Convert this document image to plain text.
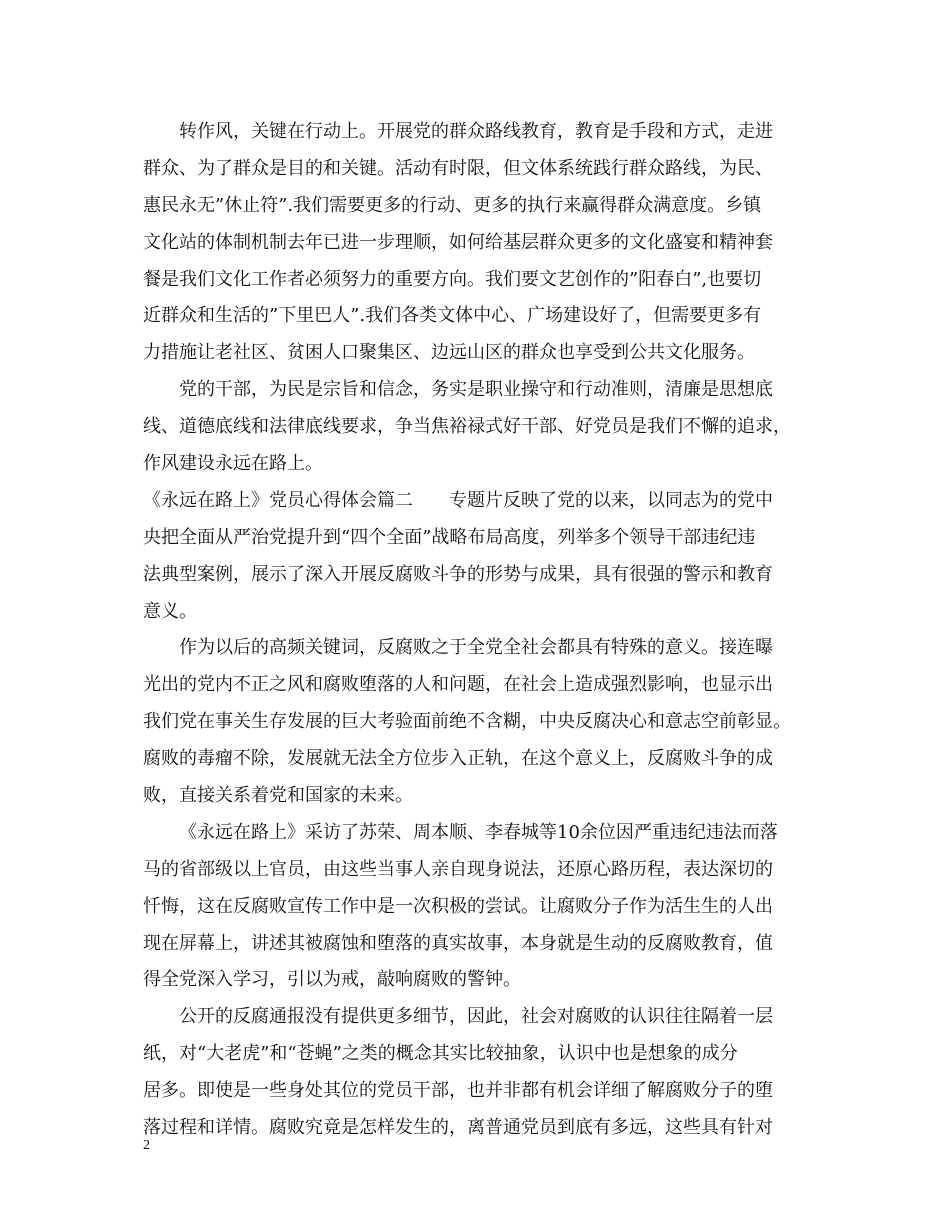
转作风，关键在行动上。开展党的群众路线教育，教育是手段和方式，走进
群众、为了群众是目的和关键。活动有时限，但文体系统践行群众路线，为民、
惠民永无”休止符”.我们需要更多的行动、更多的执行来赢得群众满意度。乡镇
文化站的体制机制去年已进一步理顺，如何给基层群众更多的文化盛宴和精神套
餐是我们文化工作者必须努力的重要方向。我们要文艺创作的”阳春白”,也要切
近群众和生活的”下里巴人”.我们各类文体中心、广场建设好了，但需要更多有
力措施让老社区、贫困人口聚集区、边远山区的群众也享受到公共文化服务。
党的干部，为民是宗旨和信念，务实是职业操守和行动准则，清廉是思想底
线、道德底线和法律底线要求，争当焦裕禄式好干部、好党员是我们不懈的追求，
作风建设永远在路上。
《永远在路上》党员心得体会篇二　　专题片反映了党的以来，以同志为的党中
央把全面从严治党提升到“四个全面”战略布局高度，列举多个领导干部违纪违
法典型案例，展示了深入开展反腐败斗争的形势与成果，具有很强的警示和教育
意义。
作为以后的高频关键词，反腐败之于全党全社会都具有特殊的意义。接连曝
光出的党内不正之风和腐败堕落的人和问题，在社会上造成强烈影响，也显示出
我们党在事关生存发展的巨大考验面前绝不含糊，中央反腐决心和意志空前彰显。
腐败的毒瘤不除，发展就无法全方位步入正轨，在这个意义上，反腐败斗争的成
败，直接关系着党和国家的未来。
《永远在路上》采访了苏荣、周本顺、李春城等10余位因严重违纪违法而落
马的省部级以上官员，由这些当事人亲自现身说法，还原心路历程，表达深切的
忏悔，这在反腐败宣传工作中是一次积极的尝试。让腐败分子作为活生生的人出
现在屏幕上，讲述其被腐蚀和堕落的真实故事，本身就是生动的反腐败教育，值
得全党深入学习，引以为戒，敲响腐败的警钟。
公开的反腐通报没有提供更多细节，因此，社会对腐败的认识往往隔着一层
纸，对“大老虎”和“苍蝇”之类的概念其实比较抽象，认识中也是想象的成分
居多。即使是一些身处其位的党员干部，也并非都有机会详细了解腐败分子的堕
落过程和详情。腐败究竟是怎样发生的，离普通党员到底有多远，这些具有针对
2
